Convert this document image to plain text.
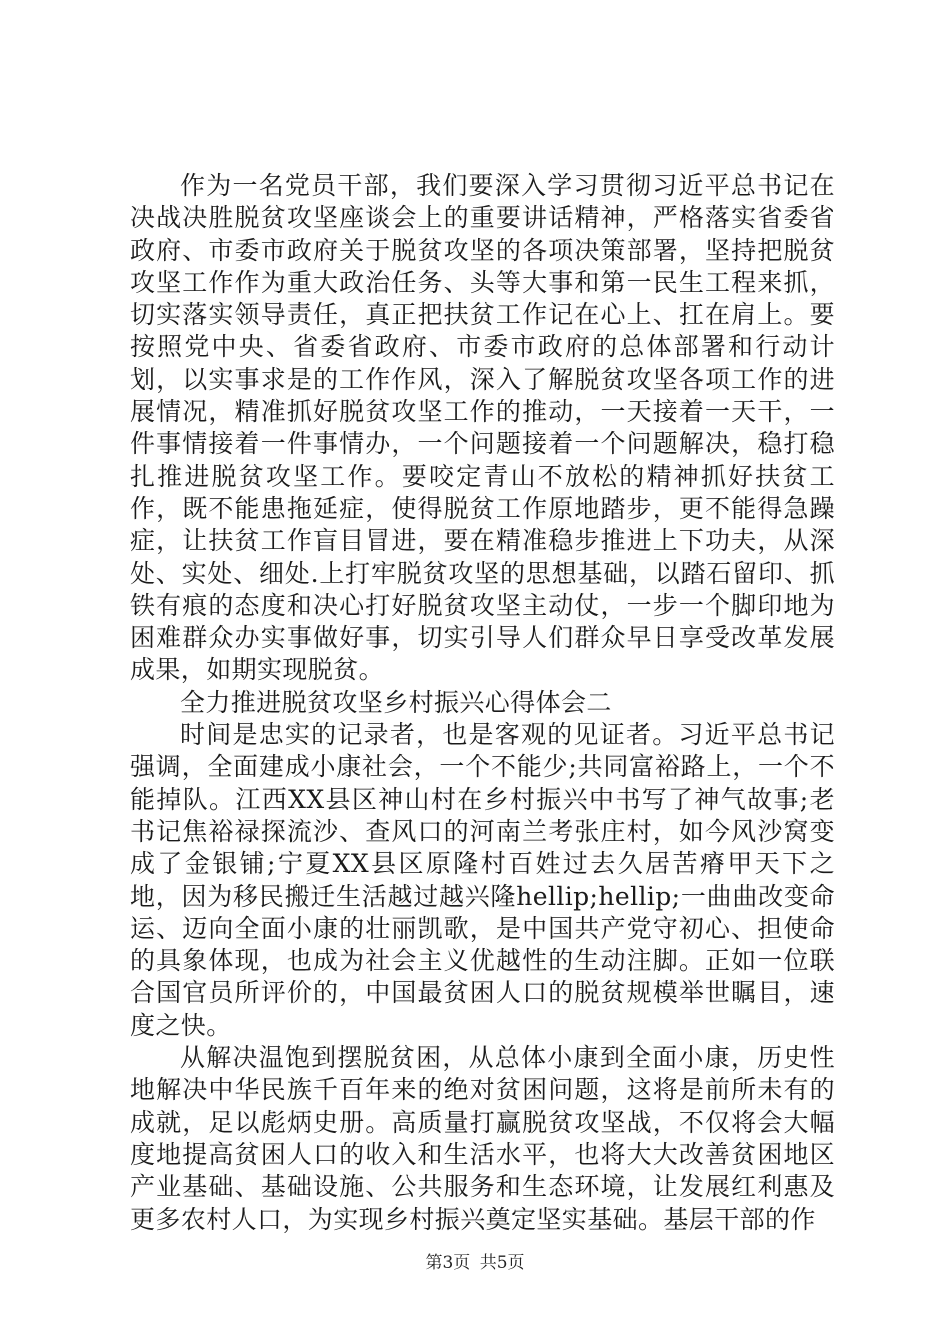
作为一名党员干部，我们要深入学习贯彻习近平总书记在决战决胜脱贫攻坚座谈会上的重要讲话精神，严格落实省委省政府、市委市政府关于脱贫攻坚的各项决策部署，坚持把脱贫攻坚工作作为重大政治任务、头等大事和第一民生工程来抓，切实落实领导责任，真正把扶贫工作记在心上、扛在肩上。要按照党中央、省委省政府、市委市政府的总体部署和行动计划，以实事求是的工作作风，深入了解脱贫攻坚各项工作的进展情况，精准抓好脱贫攻坚工作的推动，一天接着一天干，一件事情接着一件事情办，一个问题接着一个问题解决，稳打稳扎推进脱贫攻坚工作。要咬定青山不放松的精神抓好扶贫工作，既不能患拖延症，使得脱贫工作原地踏步，更不能得急躁症，让扶贫工作盲目冒进，要在精准稳步推进上下功夫，从深处、实处、细处.上打牢脱贫攻坚的思想基础，以踏石留印、抓铁有痕的态度和决心打好脱贫攻坚主动仗，一步一个脚印地为困难群众办实事做好事，切实引导人们群众早日享受改革发展成果，如期实现脱贫。

全力推进脱贫攻坚乡村振兴心得体会二

时间是忠实的记录者，也是客观的见证者。习近平总书记强调，全面建成小康社会，一个不能少;共同富裕路上，一个不能掉队。江西XX县区神山村在乡村振兴中书写了神气故事;老书记焦裕禄探流沙、查风口的河南兰考张庄村，如今风沙窝变成了金银铺;宁夏XX县区原隆村百姓过去久居苦瘠甲天下之地，因为移民搬迁生活越过越兴隆hellip;hellip;一曲曲改变命运、迈向全面小康的壮丽凯歌，是中国共产党守初心、担使命的具象体现，也成为社会主义优越性的生动注脚。正如一位联合国官员所评价的，中国最贫困人口的脱贫规模举世瞩目，速度之快。

从解决温饱到摆脱贫困，从总体小康到全面小康，历史性地解决中华民族千百年来的绝对贫困问题，这将是前所未有的成就，足以彪炳史册。高质量打赢脱贫攻坚战，不仅将会大幅度地提高贫困人口的收入和生活水平，也将大大改善贫困地区产业基础、基础设施、公共服务和生态环境，让发展红利惠及更多农村人口，为实现乡村振兴奠定坚实基础。基层干部的作

第3页 共5页
